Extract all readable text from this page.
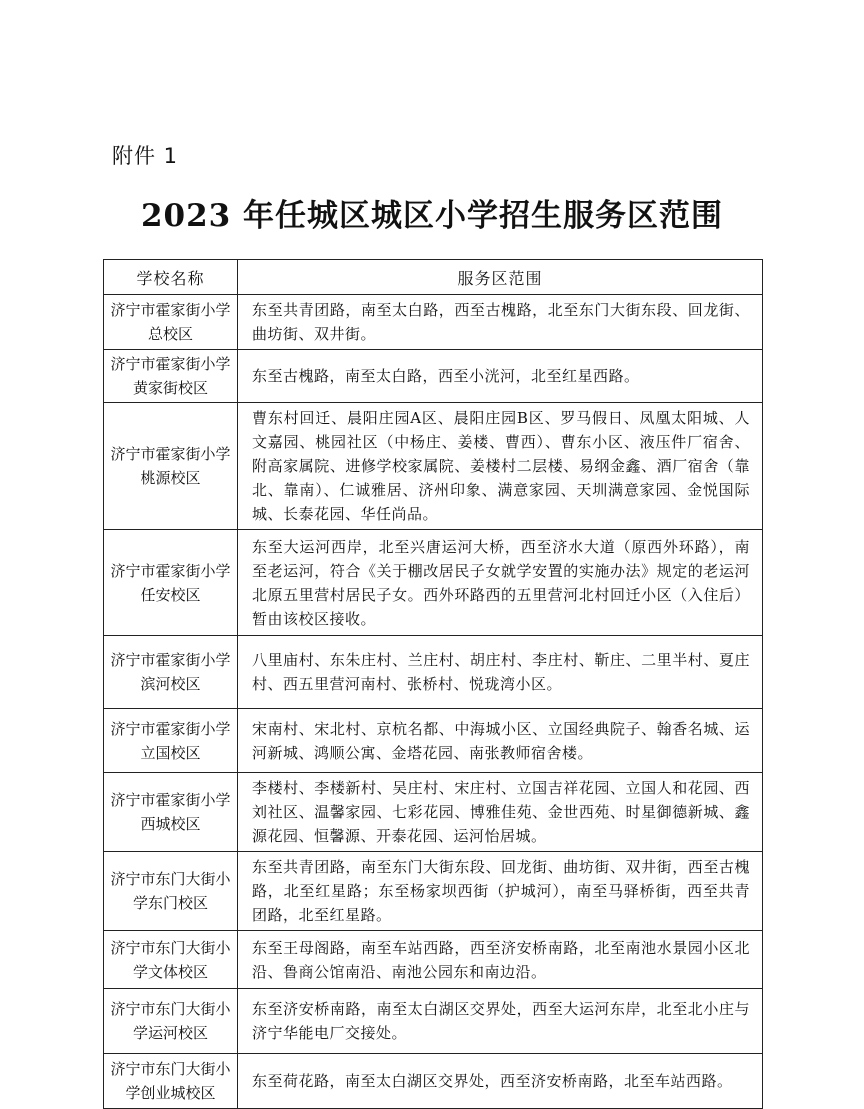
附件 1
2023 年任城区城区小学招生服务区范围
学校名称	服务区范围
济宁市霍家街小学总校区	东至共青团路，南至太白路，西至古槐路，北至东门大街东段、回龙街、曲坊街、双井街。
济宁市霍家街小学黄家街校区	东至古槐路，南至太白路，西至小洸河，北至红星西路。
济宁市霍家街小学桃源校区	曹东村回迁、晨阳庄园A区、晨阳庄园B区、罗马假日、凤凰太阳城、人文嘉园、桃园社区（中杨庄、姜楼、曹西）、曹东小区、液压件厂宿舍、附高家属院、进修学校家属院、姜楼村二层楼、易纲金鑫、酒厂宿舍（靠北、靠南）、仁诚雅居、济州印象、满意家园、天圳满意家园、金悦国际城、长泰花园、华任尚品。
济宁市霍家街小学任安校区	东至大运河西岸，北至兴唐运河大桥，西至济水大道（原西外环路），南至老运河，符合《关于棚改居民子女就学安置的实施办法》规定的老运河北原五里营村居民子女。西外环路西的五里营河北村回迁小区（入住后）暂由该校区接收。
济宁市霍家街小学滨河校区	八里庙村、东朱庄村、兰庄村、胡庄村、李庄村、靳庄、二里半村、夏庄村、西五里营河南村、张桥村、悦珑湾小区。
济宁市霍家街小学立国校区	宋南村、宋北村、京杭名都、中海城小区、立国经典院子、翰香名城、运河新城、鸿顺公寓、金塔花园、南张教师宿舍楼。
济宁市霍家街小学西城校区	李楼村、李楼新村、吴庄村、宋庄村、立国吉祥花园、立国人和花园、西刘社区、温馨家园、七彩花园、博雅佳苑、金世西苑、时星御德新城、鑫源花园、恒馨源、开泰花园、运河怡居城。
济宁市东门大街小学东门校区	东至共青团路，南至东门大街东段、回龙街、曲坊街、双井街，西至古槐路，北至红星路；东至杨家坝西街（护城河），南至马驿桥街，西至共青团路，北至红星路。
济宁市东门大街小学文体校区	东至王母阁路，南至车站西路，西至济安桥南路，北至南池水景园小区北沿、鲁商公馆南沿、南池公园东和南边沿。
济宁市东门大街小学运河校区	东至济安桥南路，南至太白湖区交界处，西至大运河东岸，北至北小庄与济宁华能电厂交接处。
济宁市东门大街小学创业城校区	东至荷花路，南至太白湖区交界处，西至济安桥南路，北至车站西路。
